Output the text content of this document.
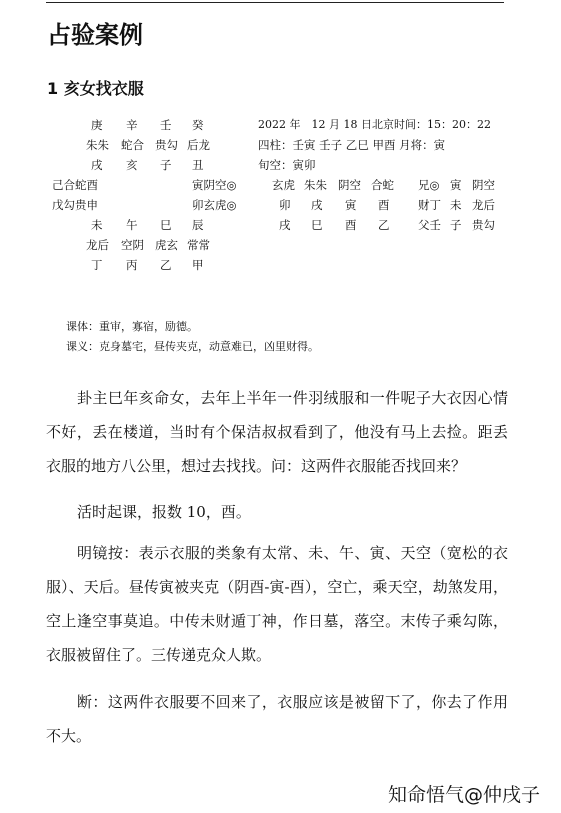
占验案例
1 亥女找衣服
庚 辛 壬 癸
朱朱 蛇合 贵勾 后龙
戌 亥 子 丑
己合蛇酉	寅阴空◎
戊勾贵申	卯玄虎◎
未 午 巳 辰
龙后 空阴 虎玄 常常
丁 丙 乙 甲
2022 年　12 月 18 日北京时间：15：20：22
四柱：壬寅 壬子 乙巳 甲酉 月将：寅
旬空：寅卯
玄虎 朱朱 阴空 合蛇
卯 戌 寅 酉
戌 巳 酉 乙
兄◎ 寅 阴空
财丁 未 龙后
父壬 子 贵勾
课体：重审，寡宿，励德。
课义：克身墓宅，昼传夹克，动意难已，凶里财得。

卦主巳年亥命女，去年上半年一件羽绒服和一件呢子大衣因心情不好，丢在楼道，当时有个保洁叔叔看到了，他没有马上去捡。距丢衣服的地方八公里，想过去找找。问：这两件衣服能否找回来？

活时起课，报数 10，酉。

明镜按：表示衣服的类象有太常、未、午、寅、天空（宽松的衣服）、天后。昼传寅被夹克（阴酉-寅-酉），空亡，乘天空，劫煞发用，空上逢空事莫追。中传未财遁丁神，作日墓，落空。末传子乘勾陈，衣服被留住了。三传递克众人欺。

断：这两件衣服要不回来了，衣服应该是被留下了，你去了作用不大。

知命悟气@仲戌子
